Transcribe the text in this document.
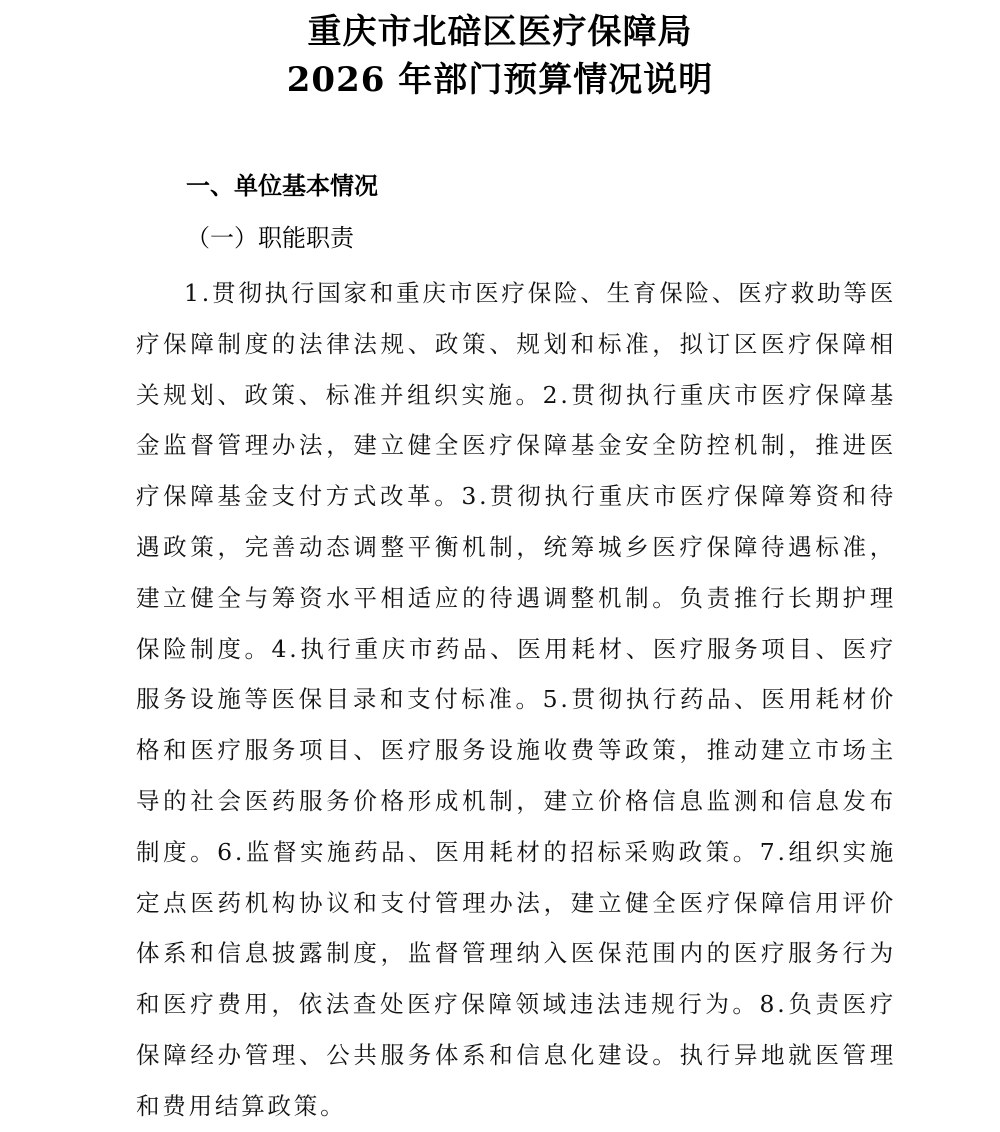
重庆市北碚区医疗保障局
2026 年部门预算情况说明
一、单位基本情况
（一）职能职责

1.贯彻执行国家和重庆市医疗保险、生育保险、医疗救助等医疗保障制度的法律法规、政策、规划和标准，拟订区医疗保障相关规划、政策、标准并组织实施。2.贯彻执行重庆市医疗保障基金监督管理办法，建立健全医疗保障基金安全防控机制，推进医疗保障基金支付方式改革。3.贯彻执行重庆市医疗保障筹资和待遇政策，完善动态调整平衡机制，统筹城乡医疗保障待遇标准，建立健全与筹资水平相适应的待遇调整机制。负责推行长期护理保险制度。4.执行重庆市药品、医用耗材、医疗服务项目、医疗服务设施等医保目录和支付标准。5.贯彻执行药品、医用耗材价格和医疗服务项目、医疗服务设施收费等政策，推动建立市场主导的社会医药服务价格形成机制，建立价格信息监测和信息发布制度。6.监督实施药品、医用耗材的招标采购政策。7.组织实施定点医药机构协议和支付管理办法，建立健全医疗保障信用评价体系和信息披露制度，监督管理纳入医保范围内的医疗服务行为和医疗费用，依法查处医疗保障领域违法违规行为。8.负责医疗保障经办管理、公共服务体系和信息化建设。执行异地就医管理和费用结算政策。
